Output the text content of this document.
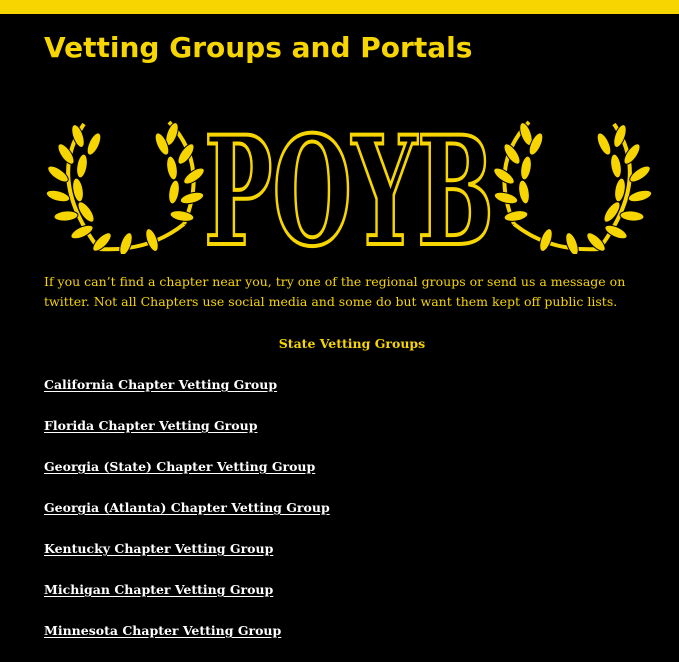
Vetting Groups and Portals
POYB

If you can’t find a chapter near you, try one of the regional groups or send us a message on twitter. Not all Chapters use social media and some do but want them kept off public lists.

State Vetting Groups

California Chapter Vetting Group
Florida Chapter Vetting Group
Georgia (State) Chapter Vetting Group
Georgia (Atlanta) Chapter Vetting Group
Kentucky Chapter Vetting Group
Michigan Chapter Vetting Group
Minnesota Chapter Vetting Group
